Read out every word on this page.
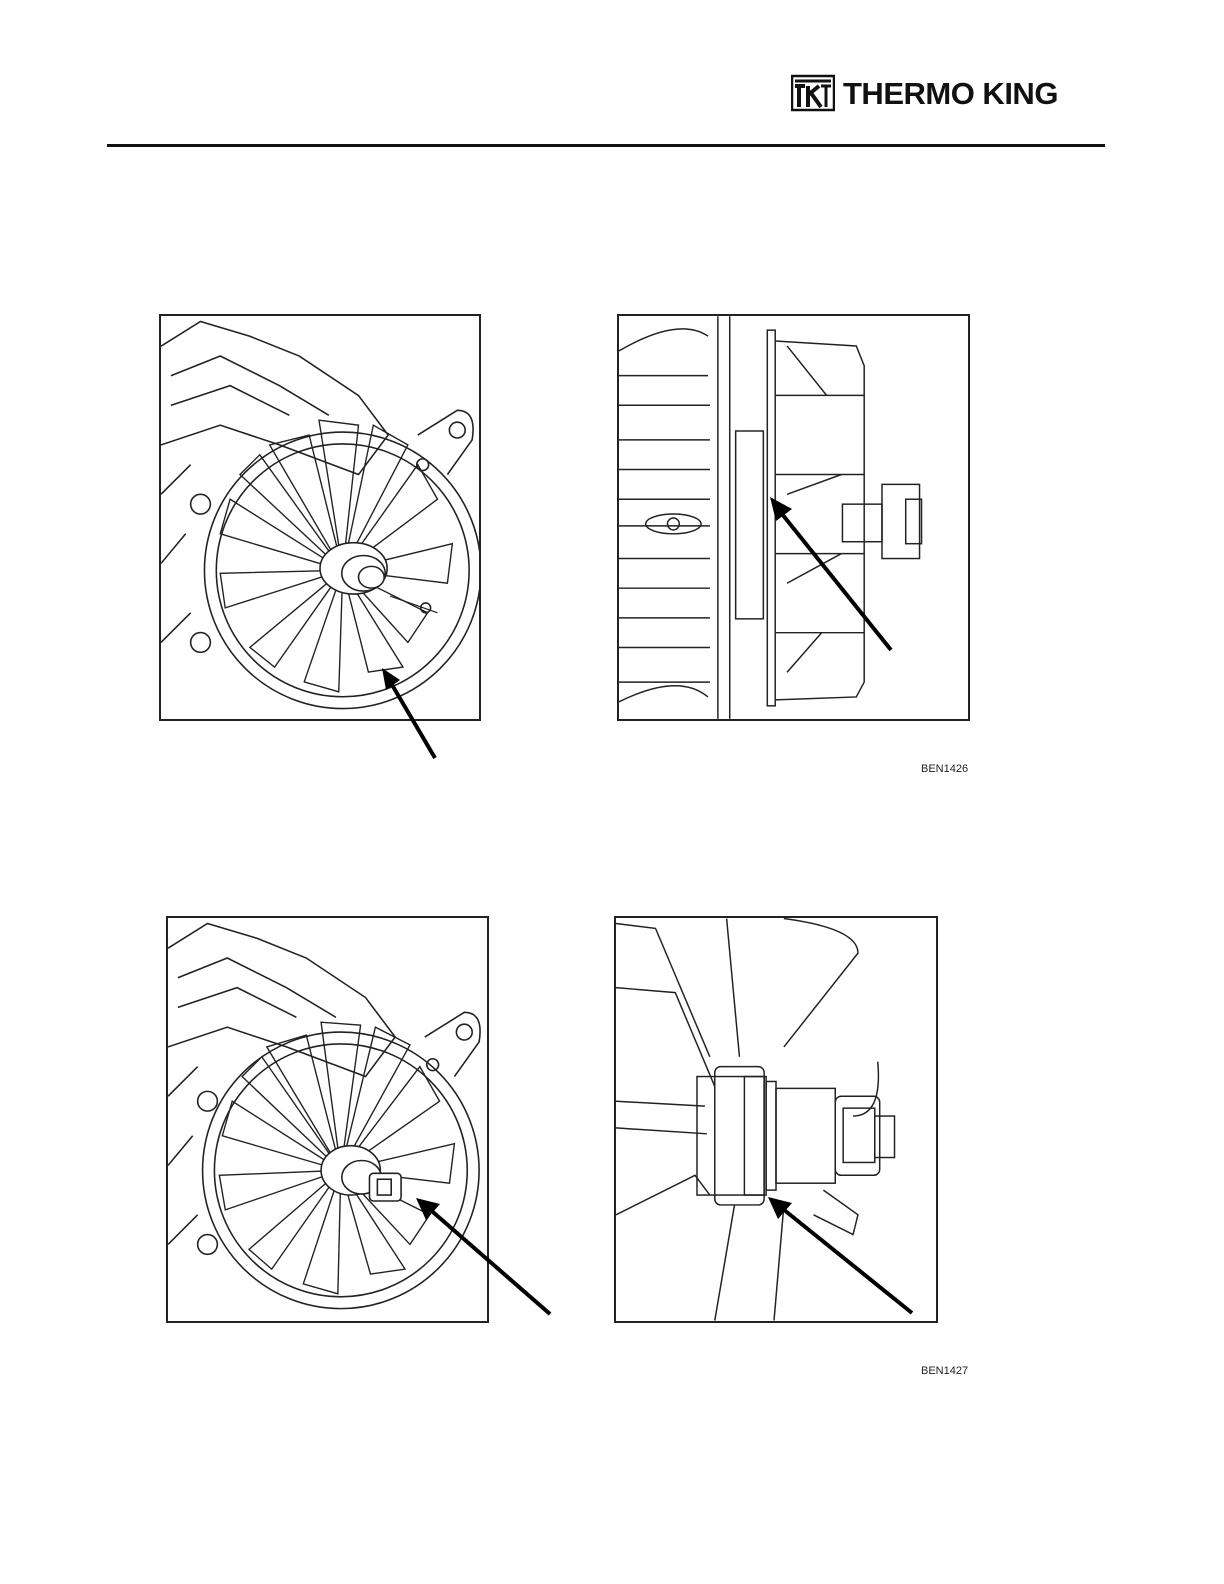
THERMO KING
BEN1426
BEN1427
